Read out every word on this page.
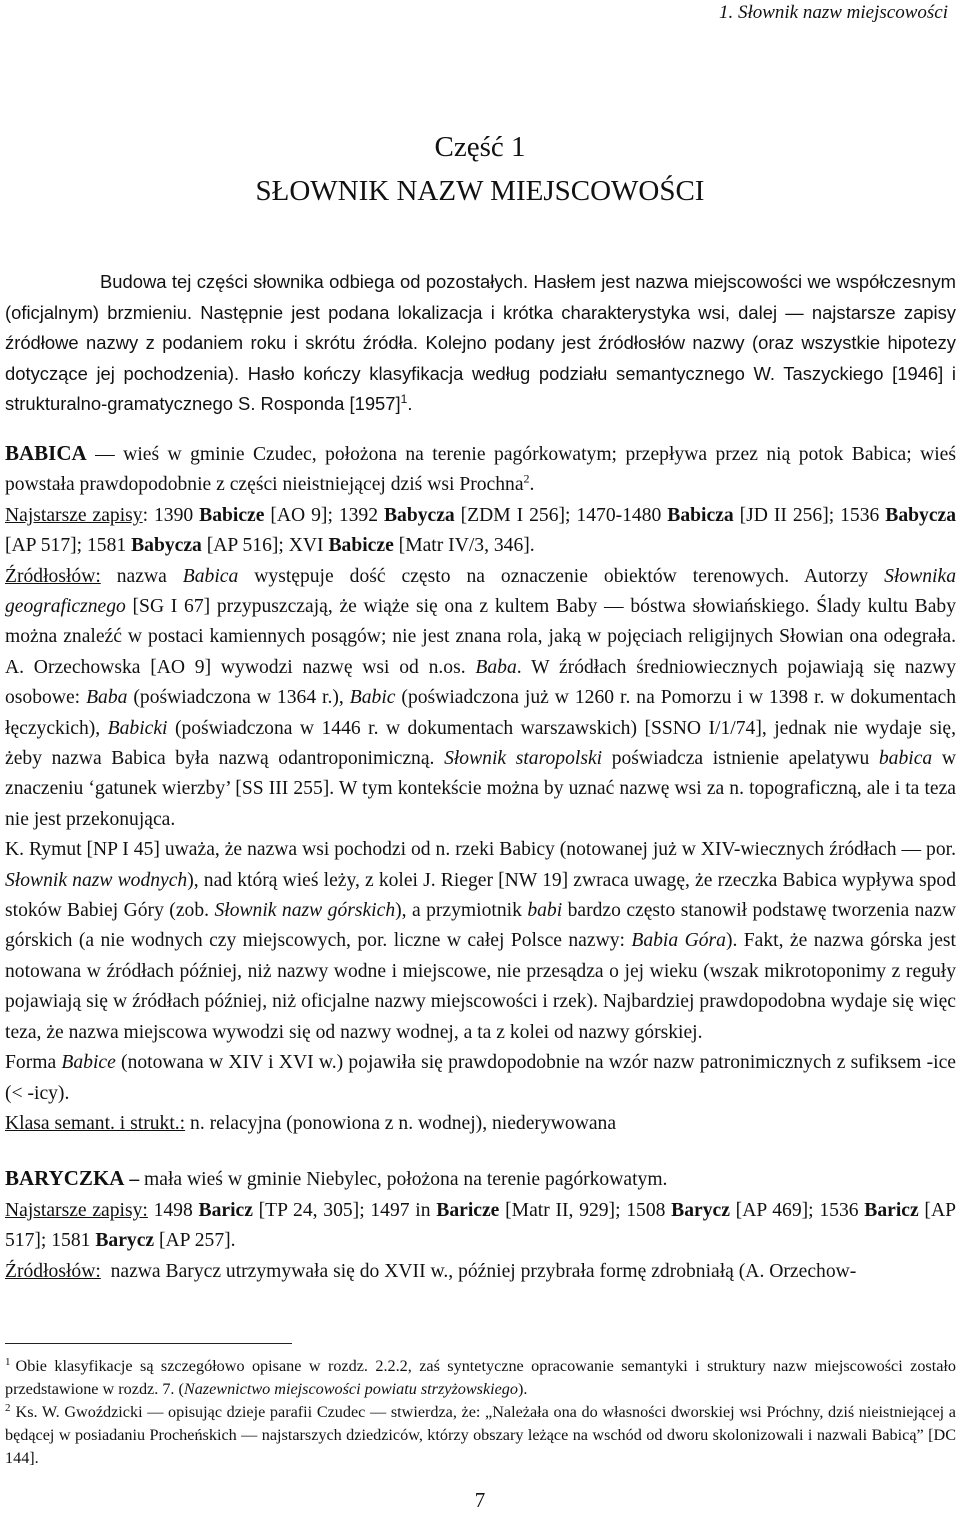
1. Słownik nazw miejscowości
Część 1
SŁOWNIK NAZW MIEJSCOWOŚCI

Budowa tej części słownika odbiega od pozostałych. Hasłem jest nazwa miejscowości we współczesnym (oficjalnym) brzmieniu. Następnie jest podana lokalizacja i krótka charakterystyka wsi, dalej — najstarsze zapisy źródłowe nazwy z podaniem roku i skrótu źródła. Kolejno podany jest źródłosłów nazwy (oraz wszystkie hipotezy dotyczące jej pochodzenia). Hasło kończy klasyfikacja według podziału semantycznego W. Taszyckiego [1946] i strukturalno-gramatycznego S. Rosponda $[1957]^1$.

BABICA — wieś w gminie Czudec, położona na terenie pagórkowatym; przepływa przez nią potok Babica; wieś powstała prawdopodobnie z części nieistniejącej dziś wsi Prochna$^2$.

Najstarsze zapisy: 1390 Babicze [AO 9]; 1392 Babycza [ZDM I 256]; 1470-1480 Babicza [JD II 256]; 1536 Babycza [AP 517]; 1581 Babycza [AP 516]; XVI Babicze [Matr IV/3, 346].

Źródłosłów: nazwa Babica występuje dość często na oznaczenie obiektów terenowych. Autorzy Słownika geograficznego [SG I 67] przypuszczają, że wiąże się ona z kultem Baby — bóstwa słowiańskiego. Ślady kultu Baby można znaleźć w postaci kamiennych posągów; nie jest znana rola, jaką w pojęciach religijnych Słowian ona odegrała. A. Orzechowska [AO 9] wywodzi nazwę wsi od n.os. Baba. W źródłach średniowiecznych pojawiają się nazwy osobowe: Baba (poświadczona w 1364 r.), Babic (poświadczona już w 1260 r. na Pomorzu i w 1398 r. w dokumentach łęczyckich), Babicki (poświadczona w 1446 r. w dokumentach warszawskich) [SSNO I/1/74], jednak nie wydaje się, żeby nazwa Babica była nazwą odantroponimiczną. Słownik staropolski poświadcza istnienie apelatywu babica w znaczeniu ‘gatunek wierzby’ [SS III 255]. W tym kontekście można by uznać nazwę wsi za n. topograficzną, ale i ta teza nie jest przekonująca.

K. Rymut [NP I 45] uważa, że nazwa wsi pochodzi od n. rzeki Babicy (notowanej już w XIV-wiecznych źródłach — por. Słownik nazw wodnych), nad którą wieś leży, z kolei J. Rieger [NW 19] zwraca uwagę, że rzeczka Babica wypływa spod stoków Babiej Góry (zob. Słownik nazw górskich), a przymiotnik babi bardzo często stanowił podstawę tworzenia nazw górskich (a nie wodnych czy miejscowych, por. liczne w całej Polsce nazwy: Babia Góra). Fakt, że nazwa górska jest notowana w źródłach później, niż nazwy wodne i miejscowe, nie przesądza o jej wieku (wszak mikrotoponimy z reguły pojawiają się w źródłach później, niż oficjalne nazwy miejscowości i rzek). Najbardziej prawdopodobna wydaje się więc teza, że nazwa miejscowa wywodzi się od nazwy wodnej, a ta z kolei od nazwy górskiej.

Forma Babice (notowana w XIV i XVI w.) pojawiła się prawdopodobnie na wzór nazw patronimicznych z sufiksem -ice (< -icy).

Klasa semant. i strukt.: n. relacyjna (ponowiona z n. wodnej), niederywowana

BARYCZKA – mała wieś w gminie Niebylec, położona na terenie pagórkowatym.

Najstarsze zapisy: 1498 Baricz [TP 24, 305]; 1497 in Baricze [Matr II, 929]; 1508 Barycz [AP 469]; 1536 Baricz [AP 517]; 1581 Barycz [AP 257].

Źródłosłów:  nazwa Barycz utrzymywała się do XVII w., później przybrała formę zdrobniałą (A. Orzechow-

$^1$ Obie klasyfikacje są szczegółowo opisane w rozdz. 2.2.2, zaś syntetyczne opracowanie semantyki i struktury nazw miejscowości zostało przedstawione w rozdz. 7. (Nazewnictwo miejscowości powiatu strzyżowskiego).

$^2$ Ks. W. Gwoździcki — opisując dzieje parafii Czudec — stwierdza, że: „Należała ona do własności dworskiej wsi Próchny, dziś nieistniejącej a będącej w posiadaniu Procheńskich — najstarszych dziedziców, którzy obszary leżące na wschód od dworu skolonizowali i nazwali Babicą” [DC 144].

7
